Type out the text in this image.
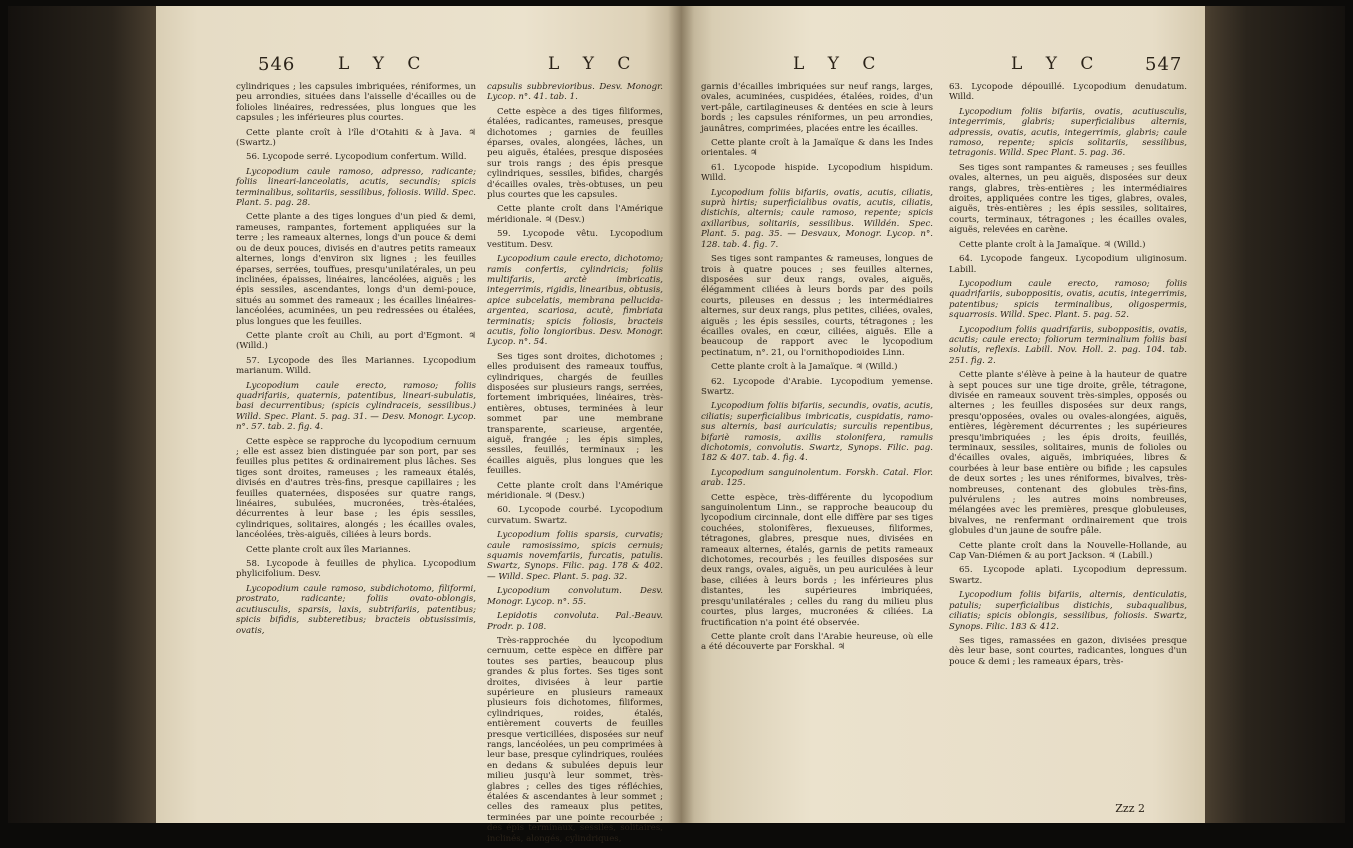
546	L Y C	L Y C

cylindriques ; les capsules imbriquées, réniformes, un peu arrondies, situées dans l'aisselle d'écailles ou de folioles linéaires, redressées, plus longues que les capsules ; les inférieures plus courtes.

Cette plante croît à l'île d'Otahiti & à Java. ♃ (Swartz.)

56. Lycopode serré. Lycopodium confertum. Willd.

Lycopodium caule ramoso, adpresso, radicante; foliis lineari-lanceolatis, acutis, secundis; spicis terminalibus, solitariis, sessilibus, foliosis. Willd. Spec. Plant. 5. pag. 28.

Cette plante a des tiges longues d'un pied & demi, rameuses, rampantes, fortement appliquées sur la terre ; les rameaux alternes, longs d'un pouce & demi ou de deux pouces, divisés en d'autres petits rameaux alternes, longs d'environ six lignes ; les feuilles éparses, serrées, touffues, presqu'unilatérales, un peu inclinées, épaisses, linéaires, lancéolées, aiguës ; les épis sessiles, ascendantes, longs d'un demi-pouce, situés au sommet des rameaux ; les écailles linéaires-lancéolées, acuminées, un peu redressées ou étalées, plus longues que les feuilles.

Cette plante croît au Chili, au port d'Egmont. ♃ (Willd.)

57. Lycopode des îles Mariannes. Lycopodium marianum. Willd.

Lycopodium caule erecto, ramoso; foliis quadrifariis, quaternis, patentibus, lineari-subulatis, basi decurrentibus; (spicis cylindraceis, sessilibus.) Willd. Spec. Plant. 5. pag. 31. — Desv. Monogr. Lycop. n°. 57. tab. 2. fig. 4.

Cette espèce se rapproche du lycopodium cernuum ; elle est assez bien distinguée par son port, par ses feuilles plus petites & ordinairement plus lâches. Ses tiges sont droites, rameuses ; les rameaux étalés, divisés en d'autres très-fins, presque capillaires ; les feuilles quaternées, disposées sur quatre rangs, linéaires, subulées, mucronées, très-étalées, décurrentes à leur base ; les épis sessiles, cylindriques, solitaires, alongés ; les écailles ovales, lancéolées, très-aiguës, ciliées à leurs bords.

Cette plante croît aux îles Mariannes.

58. Lycopode à feuilles de phylica. Lycopodium phylicifolium. Desv.

Lycopodium caule ramoso, subdichotomo, filiformi, prostrato, radicante; foliis ovato-oblongis, acutiusculis, sparsis, laxis, subtrifariis, patentibus; spicis bifidis, subteretibus; bracteis obtusissimis, ovatis,

capsulis subbrevioribus. Desv. Monogr. Lycop. n°. 41. tab. 1.

Cette espèce a des tiges filiformes, étalées, radicantes, rameuses, presque dichotomes ; garnies de feuilles éparses, ovales, alongées, lâches, un peu aiguës, étalées, presque disposées sur trois rangs ; des épis presque cylindriques, sessiles, bifides, chargés d'écailles ovales, très-obtuses, un peu plus courtes que les capsules.

Cette plante croît dans l'Amérique méridionale. ♃ (Desv.)

59. Lycopode vêtu. Lycopodium vestitum. Desv.

Lycopodium caule erecto, dichotomo; ramis confertis, cylindricis; foliis multifariis, arctè imbricatis, integerrimis, rigidis, linearibus, obtusis, apice subcelatis, membrana pellucida-argentea, scariosa, acutè, fimbriata terminatis; spicis foliosis, bracteis acutis, folio longioribus. Desv. Monogr. Lycop. n°. 54.

Ses tiges sont droites, dichotomes ; elles produisent des rameaux touffus, cylindriques, chargés de feuilles disposées sur plusieurs rangs, serrées, fortement imbriquées, linéaires, très-entières, obtuses, terminées à leur sommet par une membrane transparente, scarieuse, argentée, aiguë, frangée ; les épis simples, sessiles, feuillés, terminaux ; les écailles aiguës, plus longues que les feuilles.

Cette plante croît dans l'Amérique méridionale. ♃ (Desv.)

60. Lycopode courbé. Lycopodium curvatum. Swartz.

Lycopodium foliis sparsis, curvatis; caule ramosissimo, spicis cernuis; squamis novemfariis, furcatis, patulis. Swartz, Synops. Filic. pag. 178 & 402. — Willd. Spec. Plant. 5. pag. 32.

Lycopodium convolutum. Desv. Monogr. Lycop. n°. 55.

Lepidotis convoluta. Pal.-Beauv. Prodr. p. 108.

Très-rapprochée du lycopodium cernuum, cette espèce en diffère par toutes ses parties, beaucoup plus grandes & plus fortes. Ses tiges sont droites, divisées à leur partie supérieure en plusieurs rameaux plusieurs fois dichotomes, filiformes, cylindriques, roides, étalés, entièrement couverts de feuilles presque verticillées, disposées sur neuf rangs, lancéolées, un peu comprimées à leur base, presque cylindriques, roulées en dedans & subulées depuis leur milieu jusqu'à leur sommet, très-glabres ; celles des tiges réfléchies, étalées & ascendantes à leur sommet ; celles des rameaux plus petites, terminées par une pointe recourbée ; des épis terminaux, sessiles, solitaires, inclinés, alongés, cylindriques,

L Y C	L Y C 547

garnis d'écailles imbriquées sur neuf rangs, larges, ovales, acuminées, cuspidées, étalées, roides, d'un vert-pâle, cartilagineuses & dentées en scie à leurs bords ; les capsules réniformes, un peu arrondies, jaunâtres, comprimées, placées entre les écailles.

Cette plante croît à la Jamaïque & dans les Indes orientales. ♃

61. Lycopode hispide. Lycopodium hispidum. Willd.

Lycopodium foliis bifariis, ovatis, acutis, ciliatis, suprà hirtis; superficialibus ovatis, acutis, ciliatis, distichis, alternis; caule ramoso, repente; spicis axillaribus, solitariis, sessilibus. Willdén. Spec. Plant. 5. pag. 35. — Desvaux, Monogr. Lycop. n°. 128. tab. 4. fig. 7.

Ses tiges sont rampantes & rameuses, longues de trois à quatre pouces ; ses feuilles alternes, disposées sur deux rangs, ovales, aiguës, élégamment ciliées à leurs bords par des poils courts, pileuses en dessus ; les intermédiaires alternes, sur deux rangs, plus petites, ciliées, ovales, aiguës ; les épis sessiles, courts, tétragones ; les écailles ovales, en cœur, ciliées, aiguës. Elle a beaucoup de rapport avec le lycopodium pectinatum, n°. 21, ou l'ornithopodioides Linn.

Cette plante croît à la Jamaïque. ♃ (Willd.)

62. Lycopode d'Arabie. Lycopodium yemense. Swartz.

Lycopodium foliis bifariis, secundis, ovatis, acutis, ciliatis; superficialibus imbricatis, cuspidatis, ramo-sus alternis, basi auriculatis; surculis repentibus, bifariè ramosis, axillis stolonifera, ramulis dichotomis, convolutis. Swartz, Synops. Filic. pag. 182 & 407. tab. 4. fig. 4.

Lycopodium sanguinolentum. Forskh. Catal. Flor. arab. 125.

Cette espèce, très-différente du lycopodium sanguinolentum Linn., se rapproche beaucoup du lycopodium circinnale, dont elle diffère par ses tiges couchées, stolonifères, flexueuses, filiformes, tétragones, glabres, presque nues, divisées en rameaux alternes, étalés, garnis de petits rameaux dichotomes, recourbés ; les feuilles disposées sur deux rangs, ovales, aiguës, un peu auriculées à leur base, ciliées à leurs bords ; les inférieures plus distantes, les supérieures imbriquées, presqu'unilatérales ; celles du rang du milieu plus courtes, plus larges, mucronées & ciliées. La fructification n'a point été observée.

Cette plante croît dans l'Arabie heureuse, où elle a été découverte par Forskhal. ♃

63. Lycopode dépouillé. Lycopodium denudatum. Willd.

Lycopodium foliis bifariis, ovatis, acutiusculis, integerrimis, glabris; superficialibus alternis, adpressis, ovatis, acutis, integerrimis, glabris; caule ramoso, repente; spicis solitariis, sessilibus, tetragonis. Willd. Spec Plant. 5. pag. 36.

Ses tiges sont rampantes & rameuses ; ses feuilles ovales, alternes, un peu aiguës, disposées sur deux rangs, glabres, très-entières ; les intermédiaires droites, appliquées contre les tiges, glabres, ovales, aiguës, très-entières ; les épis sessiles, solitaires, courts, terminaux, tétragones ; les écailles ovales, aiguës, relevées en carène.

Cette plante croît à la Jamaïque. ♃ (Willd.)

64. Lycopode fangeux. Lycopodium uliginosum. Labill.

Lycopodium caule erecto, ramoso; foliis quadrifariis, suboppositis, ovatis, acutis, integerrimis, patentibus; spicis terminalibus, oligospermis, squarrosis. Willd. Spec. Plant. 5. pag. 52.

Lycopodium foliis quadrifariis, suboppositis, ovatis, acutis; caule erecto; foliorum terminalium foliis basi solutis, reflexis. Labill. Nov. Holl. 2. pag. 104. tab. 251. fig. 2.

Cette plante s'élève à peine à la hauteur de quatre à sept pouces sur une tige droite, grêle, tétragone, divisée en rameaux souvent très-simples, opposés ou alternes ; les feuilles disposées sur deux rangs, presqu'opposées, ovales ou ovales-alongées, aiguës, entières, légèrement décurrentes ; les supérieures presqu'imbriquées ; les épis droits, feuillés, terminaux, sessiles, solitaires, munis de folioles ou d'écailles ovales, aiguës, imbriquées, libres & courbées à leur base entière ou bifide ; les capsules de deux sortes ; les unes réniformes, bivalves, très-nombreuses, contenant des globules très-fins, pulvérulens ; les autres moins nombreuses, mélangées avec les premières, presque globuleuses, bivalves, ne renfermant ordinairement que trois globules d'un jaune de soufre pâle.

Cette plante croît dans la Nouvelle-Hollande, au Cap Van-Diémen & au port Jackson. ♃ (Labill.)

65. Lycopode aplati. Lycopodium depressum. Swartz.

Lycopodium foliis bifariis, alternis, denticulatis, patulis; superficialibus distichis, subaqualibus, ciliatis; spicis oblongis, sessilibus, foliosis. Swartz, Synops. Filic. 183 & 412.

Ses tiges, ramassées en gazon, divisées presque dès leur base, sont courtes, radicantes, longues d'un pouce & demi ; les rameaux épars, très-

Zzz 2
